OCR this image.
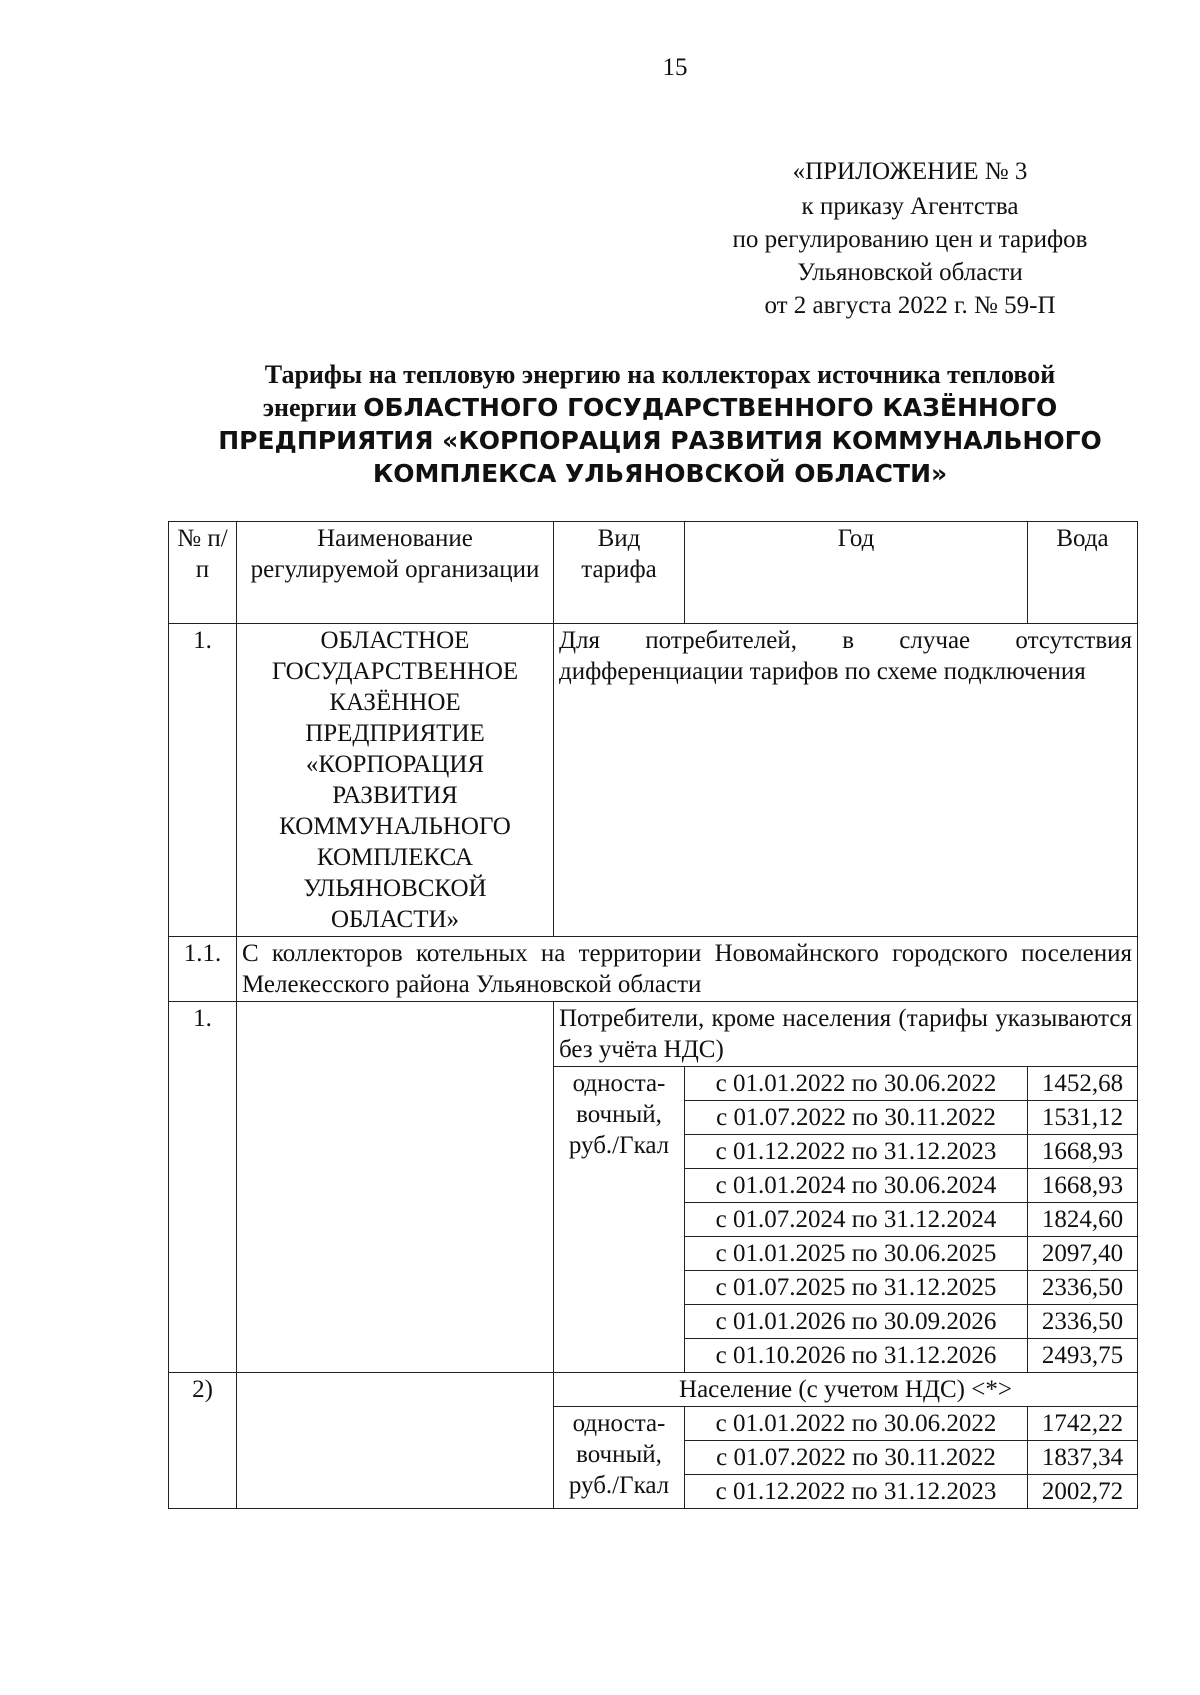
15
«ПРИЛОЖЕНИЕ № 3
к приказу Агентства
по регулированию цен и тарифов
Ульяновской области
от 2 августа 2022 г. № 59-П
Тарифы на тепловую энергию на коллекторах источника тепловой
энергии ОБЛАСТНОГО ГОСУДАРСТВЕННОГО КАЗЁННОГО
ПРЕДПРИЯТИЯ «КОРПОРАЦИЯ РАЗВИТИЯ КОММУНАЛЬНОГО
КОМПЛЕКСА УЛЬЯНОВСКОЙ ОБЛАСТИ»
№ п/п	Наименование регулируемой организации	Вид тарифа	Год	Вода
1.	ОБЛАСТНОЕ ГОСУДАРСТВЕННОЕ КАЗЁННОЕ ПРЕДПРИЯТИЕ «КОРПОРАЦИЯ РАЗВИТИЯ КОММУНАЛЬНОГО КОМПЛЕКСА УЛЬЯНОВСКОЙ ОБЛАСТИ»	Для потребителей, в случае отсутствия дифференциации тарифов по схеме подключения		
1.1.	С коллекторов котельных на территории Новомайнского городского поселения Мелекесского района Ульяновской области			
1.		Потребители, кроме населения (тарифы указываются без учёта НДС)		
		односта-вочный, руб./Гкал	с 01.01.2022 по 30.06.2022	1452,68
			с 01.07.2022 по 30.11.2022	1531,12
			с 01.12.2022 по 31.12.2023	1668,93
			с 01.01.2024 по 30.06.2024	1668,93
			с 01.07.2024 по 31.12.2024	1824,60
			с 01.01.2025 по 30.06.2025	2097,40
			с 01.07.2025 по 31.12.2025	2336,50
			с 01.01.2026 по 30.09.2026	2336,50
			с 01.10.2026 по 31.12.2026	2493,75
2)		Население (с учетом НДС) <*>		
		односта-вочный, руб./Гкал	с 01.01.2022 по 30.06.2022	1742,22
			с 01.07.2022 по 30.11.2022	1837,34
			с 01.12.2022 по 31.12.2023	2002,72
